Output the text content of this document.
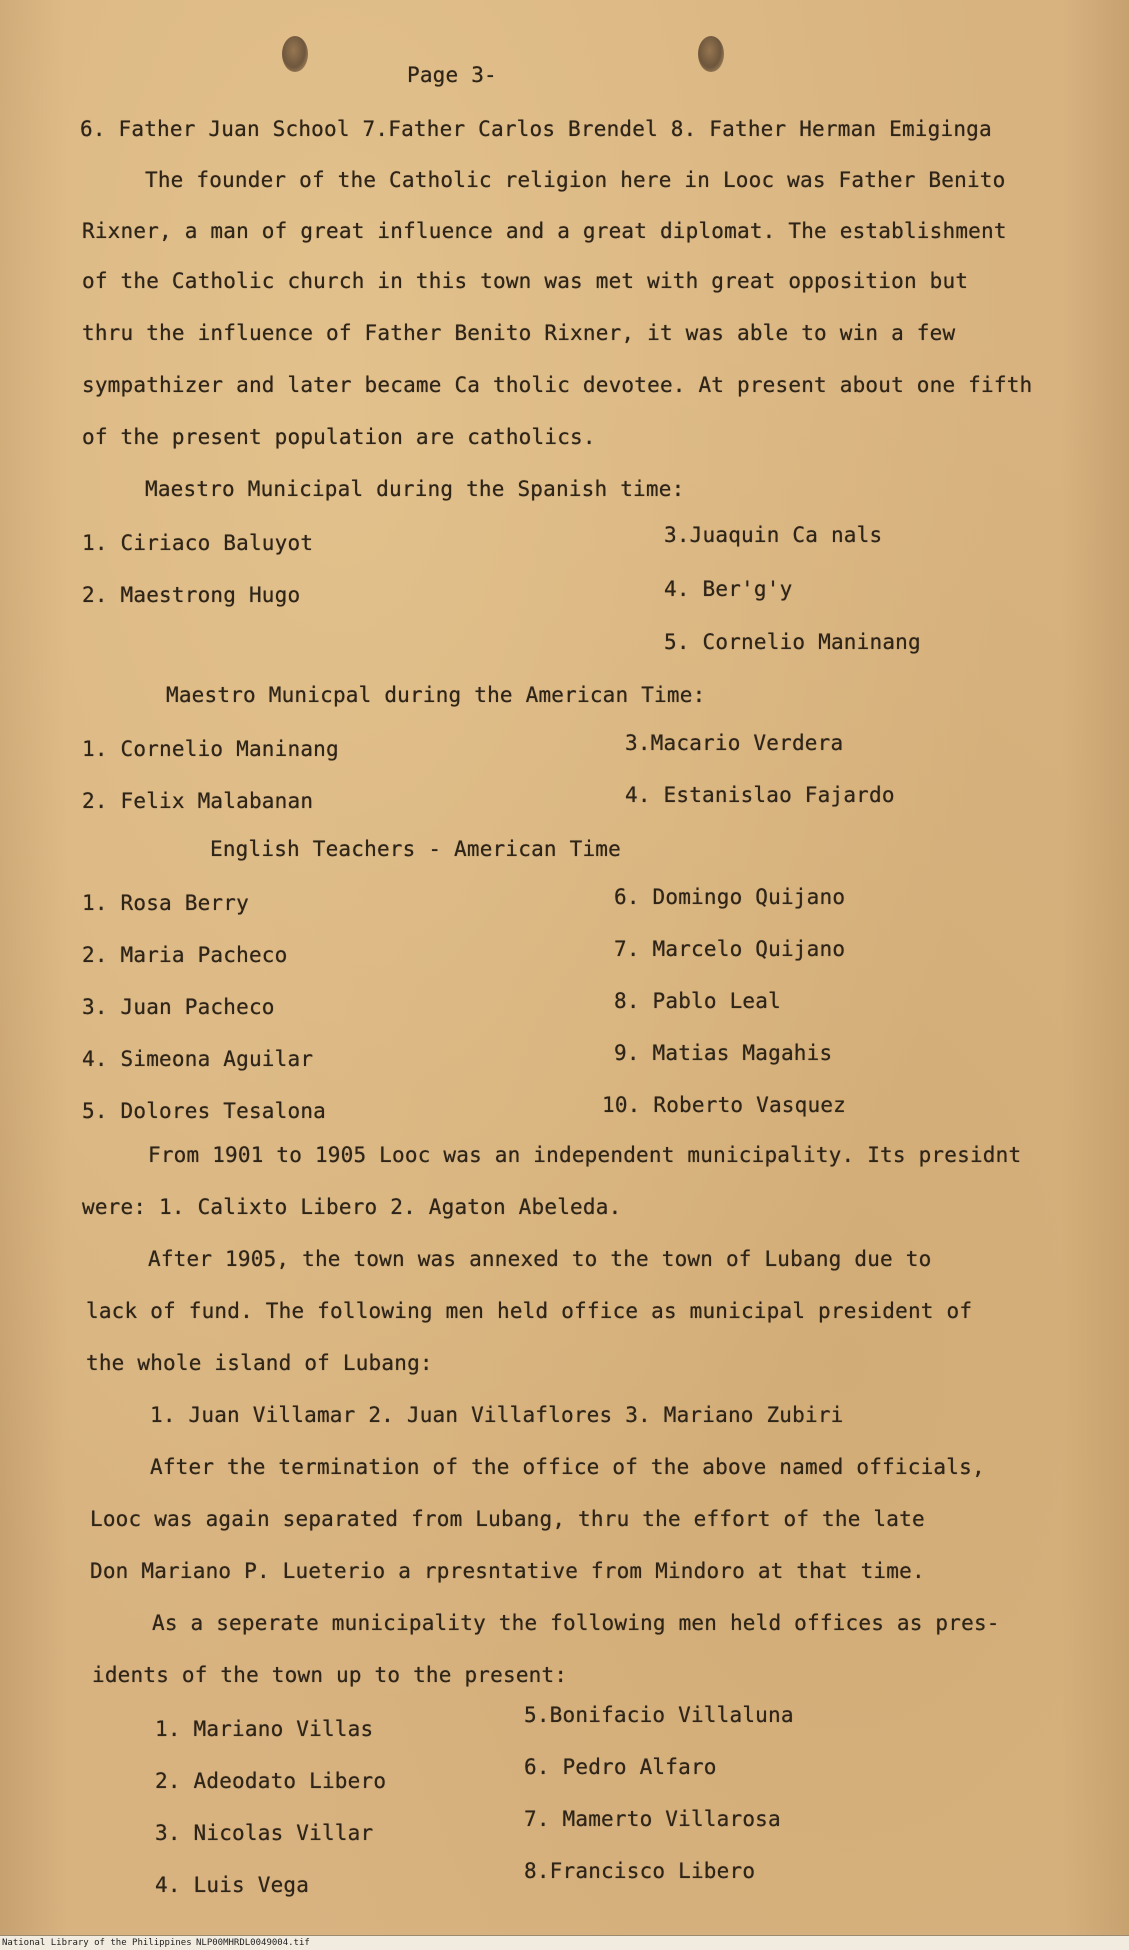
Page 3-
6. Father Juan School 7.Father Carlos Brendel 8. Father Herman Emiginga
The founder of the Catholic religion here in Looc was Father Benito
Rixner, a man of great influence and a great diplomat. The establishment
of the Catholic church in this town was met with great opposition but
thru the influence of Father Benito Rixner, it was able to win a few
sympathizer and later became Ca tholic devotee. At present about one fifth
of the present population are catholics.
Maestro Municipal during the Spanish time:
1. Ciriaco Baluyot
2. Maestrong Hugo
3.Juaquin Ca nals
4. Ber'g'y
5. Cornelio Maninang
Maestro Municpal during the American Time:
1. Cornelio Maninang
2. Felix Malabanan
3.Macario Verdera
4. Estanislao Fajardo
English Teachers - American Time
1. Rosa Berry
2. Maria Pacheco
3. Juan Pacheco
4. Simeona Aguilar
5. Dolores Tesalona
6. Domingo Quijano
7. Marcelo Quijano
8. Pablo Leal
9. Matias Magahis
10. Roberto Vasquez
From 1901 to 1905 Looc was an independent municipality. Its presidnt
were: 1. Calixto Libero 2. Agaton Abeleda.
After 1905, the town was annexed to the town of Lubang due to
lack of fund. The following men held office as municipal president of
the whole island of Lubang:
1. Juan Villamar 2. Juan Villaflores 3. Mariano Zubiri
After the termination of the office of the above named officials,
Looc was again separated from Lubang, thru the effort of the late
Don Mariano P. Lueterio a rpresntative from Mindoro at that time.
As a seperate municipality the following men held offices as pres-
idents of the town up to the present:
1. Mariano Villas
2. Adeodato Libero
3. Nicolas Villar
4. Luis Vega
5.Bonifacio Villaluna
6. Pedro Alfaro
7. Mamerto Villarosa
8.Francisco Libero
National Library of the Philippines NLP00MHRDL0049004.tif
